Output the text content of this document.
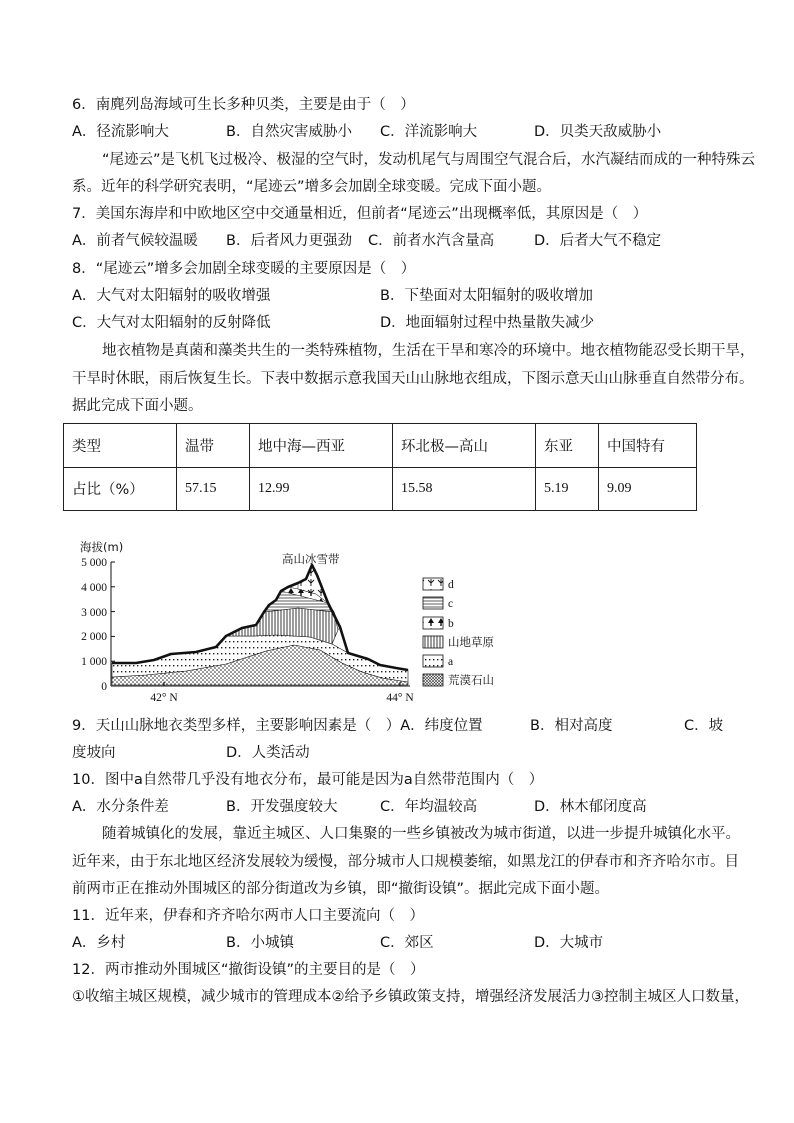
6．南麂列岛海域可生长多种贝类，主要是由于（　）
A．径流影响大	B．自然灾害威胁小 C．洋流影响大	D．贝类天敌威胁小
“尾迹云”是飞机飞过极冷、极湿的空气时，发动机尾气与周围空气混合后，水汽凝结而成的一种特殊云
系。近年的科学研究表明，“尾迹云”增多会加剧全球变暖。完成下面小题。
7．美国东海岸和中欧地区空中交通量相近，但前者“尾迹云”出现概率低，其原因是（　）
A．前者气候较温暖 B．后者风力更强劲 C．前者水汽含量高	D．后者大气不稳定
8．“尾迹云”增多会加剧全球变暖的主要原因是（　）
A．大气对太阳辐射的吸收增强	B．下垫面对太阳辐射的吸收增加
C．大气对太阳辐射的反射降低	D．地面辐射过程中热量散失减少
地衣植物是真菌和藻类共生的一类特殊植物，生活在干旱和寒冷的环境中。地衣植物能忍受长期干旱，
干旱时休眠，雨后恢复生长。下表中数据示意我国天山山脉地衣组成，下图示意天山山脉垂直自然带分布。
据此完成下面小题。
类型	温带	地中海—西亚	环北极—高山	东亚	中国特有
占比（%）	57.15	12.99	15.58	5.19	9.09
海拔(m)
5 000
4 000
3 000
2 000
1 000
0
高山冰雪带
42° N	44° N
d
c
b
山地草原
a
荒漠石山
9．天山山脉地衣类型多样，主要影响因素是（　）A．纬度位置	B．相对高度	C．坡
度坡向	D．人类活动
10．图中a自然带几乎没有地衣分布，最可能是因为a自然带范围内（　）
A．水分条件差	B．开发强度较大	C．年均温较高	D．林木郁闭度高
随着城镇化的发展，靠近主城区、人口集聚的一些乡镇被改为城市街道，以进一步提升城镇化水平。
近年来，由于东北地区经济发展较为缓慢，部分城市人口规模萎缩，如黑龙江的伊春市和齐齐哈尔市。目
前两市正在推动外围城区的部分街道改为乡镇，即“撤街设镇”。据此完成下面小题。
11．近年来，伊春和齐齐哈尔两市人口主要流向（　）
A．乡村	B．小城镇	C．郊区	D．大城市
12．两市推动外围城区“撤街设镇”的主要目的是（　）
①收缩主城区规模，减少城市的管理成本②给予乡镇政策支持，增强经济发展活力③控制主城区人口数量，
